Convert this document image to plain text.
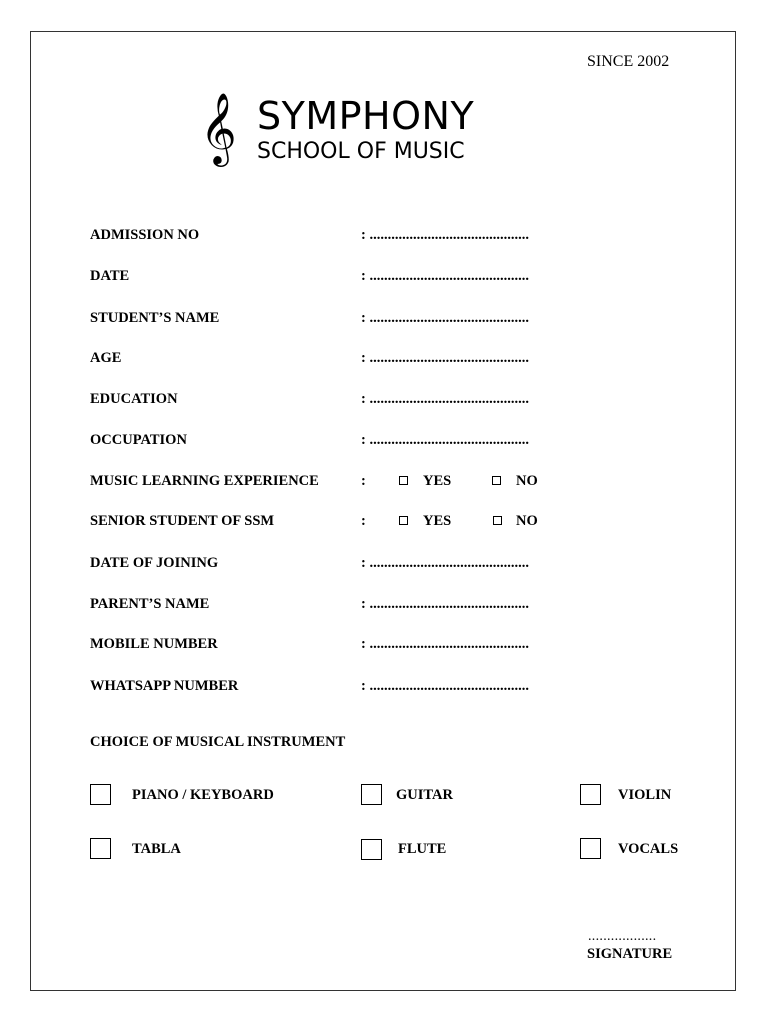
SINCE 2002
𝄞 SYMPHONY
SCHOOL OF MUSIC
ADMISSION NO	: ............................................
DATE	: ............................................
STUDENT’S NAME	: ............................................
AGE	: ............................................
EDUCATION	: ............................................
OCCUPATION	: ............................................
MUSIC LEARNING EXPERIENCE	:	YES	NO
SENIOR STUDENT OF SSM	:	YES	NO
DATE OF JOINING	: ............................................
PARENT’S NAME	: ............................................
MOBILE NUMBER	: ............................................
WHATSAPP NUMBER	: ............................................
CHOICE OF MUSICAL INSTRUMENT
PIANO / KEYBOARD	GUITAR	VIOLIN
TABLA	FLUTE	VOCALS
..................
SIGNATURE
